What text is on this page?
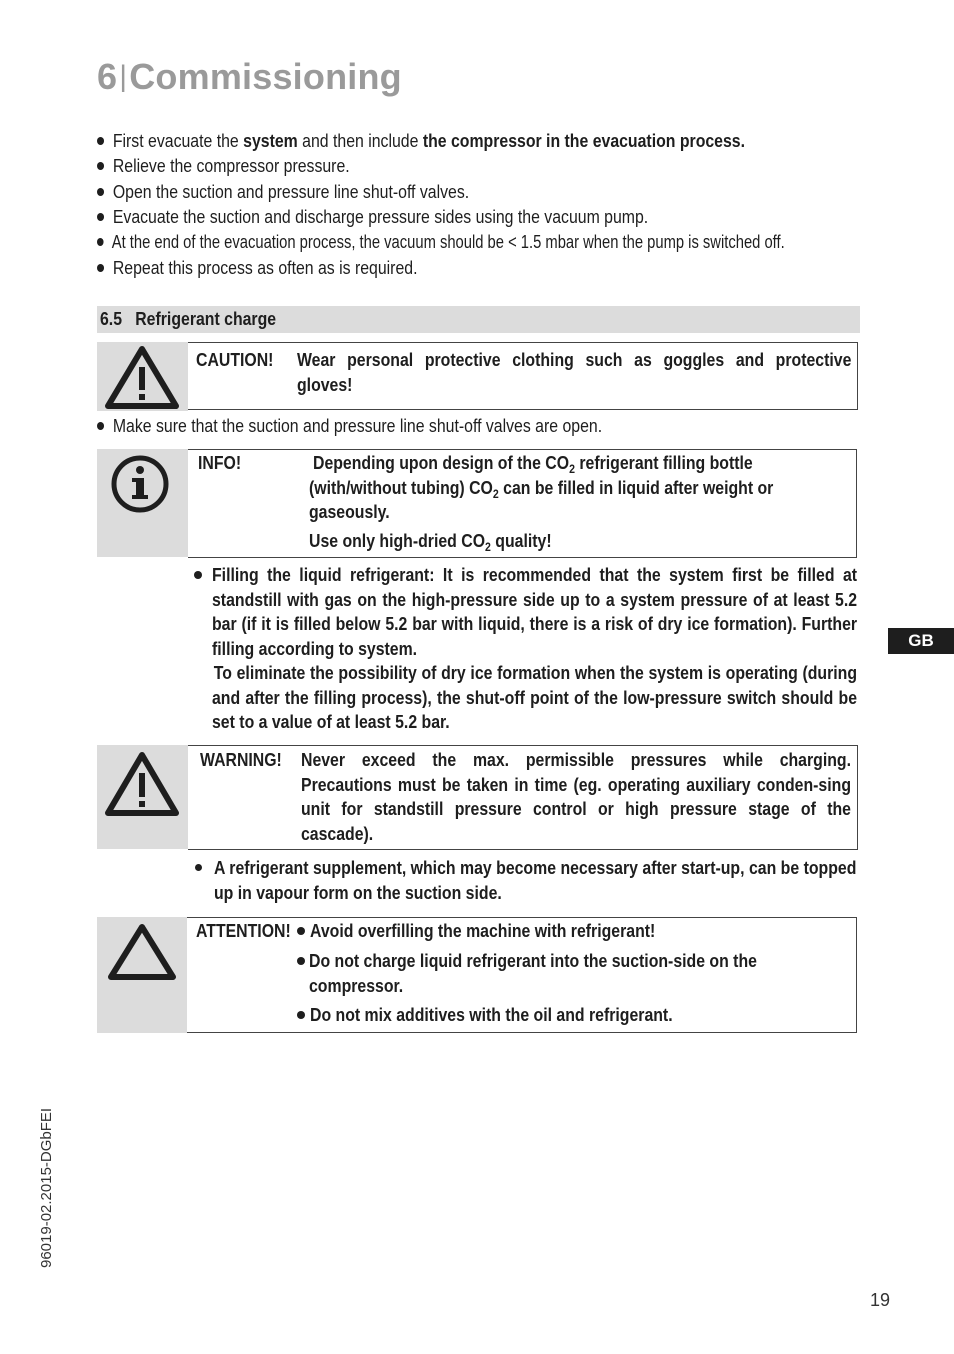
6|Commissioning
First evacuate the system and then include the compressor in the evacuation process.
Relieve the compressor pressure.
Open the suction and pressure line shut-off valves.
Evacuate the suction and discharge pressure sides using the vacuum pump.
At the end of the evacuation process, the vacuum should be < 1.5 mbar when the pump is switched off.
Repeat this process as often as is required.
6.5 Refrigerant charge
CAUTION! Wear personal protective clothing such as goggles and protective gloves!
Make sure that the suction and pressure line shut-off valves are open.
INFO!	Depending upon design of the $CO_2$ refrigerant filling bottle
(with/without tubing) $CO_2$ can be filled in liquid after weight or
gaseously.
Use only high-dried $CO_2$ quality!
Filling the liquid refrigerant: It is recommended that the system first be filled at standstill with gas on the high-pressure side up to a system pressure of at least 5.2 bar (if it is filled below 5.2 bar with liquid, there is a risk of dry ice formation). Further filling according to system.
To eliminate the possibility of dry ice formation when the system is operating (during and after the filling process), the shut-off point of the low-pressure switch should be set to a value of at least 5.2 bar.
WARNING! Never exceed the max. permissible pressures while charging. Precautions must be taken in time (eg. operating auxiliary conden-sing unit for standstill pressure control or high pressure stage of the cascade).
A refrigerant supplement, which may become necessary after start-up, can be topped up in vapour form on the suction side.
ATTENTION! Avoid overfilling the machine with refrigerant!
Do not charge liquid refrigerant into the suction-side on the compressor.
Do not mix additives with the oil and refrigerant.
GB
96019-02.2015-DGbFEI
19
